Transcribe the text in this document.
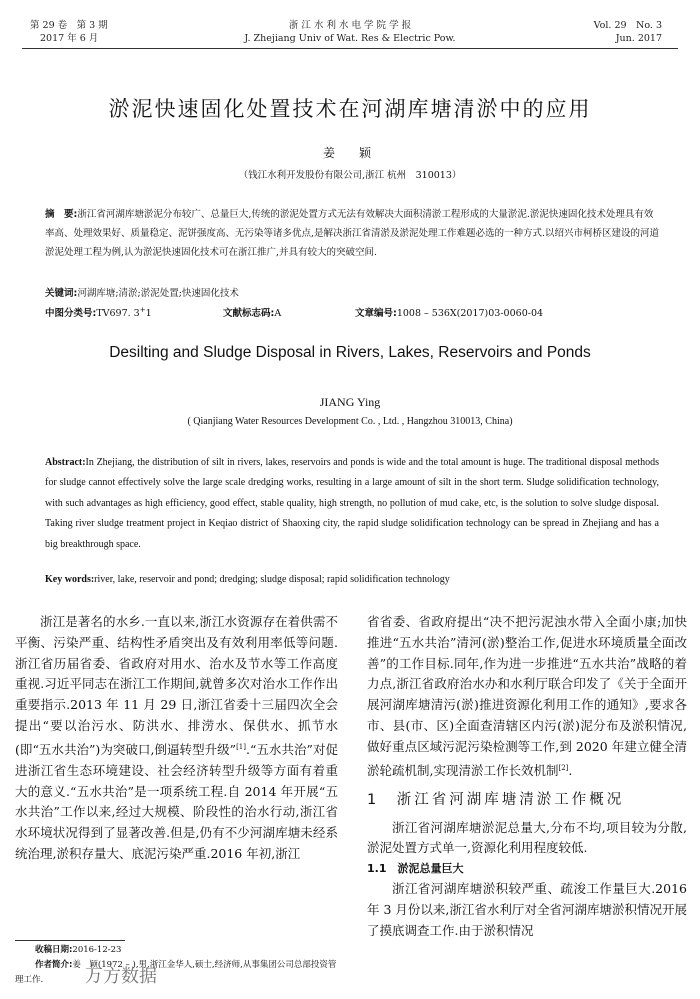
第 29 卷　第 3 期
2017 年 6 月
浙 江 水 利 水 电 学 院 学 报
J. Zhejiang Univ of Wat. Res & Electric Pow.
Vol. 29　No. 3
Jun. 2017
淤泥快速固化处置技术在河湖库塘清淤中的应用
姜　颖
（钱江水利开发股份有限公司,浙江 杭州　310013）
摘　要:浙江省河湖库塘淤泥分布较广、总量巨大,传统的淤泥处置方式无法有效解决大面积清淤工程形成的大量淤泥.淤泥快速固化技术处理具有效率高、处理效果好、质量稳定、泥饼强度高、无污染等诸多优点,是解决浙江省清淤及淤泥处理工作难题必选的一种方式.以绍兴市柯桥区建设的河道淤泥处理工程为例,认为淤泥快速固化技术可在浙江推广,并具有较大的突破空间.
关键词:河湖库塘;清淤;淤泥处置;快速固化技术
中图分类号:TV697. 3+1	文献标志码:A	文章编号:1008 – 536X(2017)03-0060-04
Desilting and Sludge Disposal in Rivers, Lakes, Reservoirs and Ponds
JIANG Ying
( Qianjiang Water Resources Development Co. , Ltd. , Hangzhou 310013, China)
Abstract:In Zhejiang, the distribution of silt in rivers, lakes, reservoirs and ponds is wide and the total amount is huge. The traditional disposal methods for sludge cannot effectively solve the large scale dredging works, resulting in a large amount of silt in the short term. Sludge solidification technology, with such advantages as high efficiency, good effect, stable quality, high strength, no pollution of mud cake, etc, is the solution to solve sludge disposal. Taking river sludge treatment project in Keqiao district of Shaoxing city, the rapid sludge solidification technology can be spread in Zhejiang and has a big breakthrough space.
Key words:river, lake, reservoir and pond; dredging; sludge disposal; rapid solidification technology

浙江是著名的水乡.一直以来,浙江水资源存在着供需不平衡、污染严重、结构性矛盾突出及有效利用率低等问题.浙江省历届省委、省政府对用水、治水及节水等工作高度重视.习近平同志在浙江工作期间,就曾多次对治水工作作出重要指示.2013 年 11 月 29 日,浙江省委十三届四次全会提出“要以治污水、防洪水、排涝水、保供水、抓节水(即“五水共治”)为突破口,倒逼转型升级”[1].“五水共治”对促进浙江省生态环境建设、社会经济转型升级等方面有着重大的意义.“五水共治”是一项系统工程.自 2014 年开展“五水共治”工作以来,经过大规模、阶段性的治水行动,浙江省水环境状况得到了显著改善.但是,仍有不少河湖库塘未经系统治理,淤积存量大、底泥污染严重.2016 年初,浙江

省省委、省政府提出“决不把污泥浊水带入全面小康;加快推进“五水共治”清河(淤)整治工作,促进水环境质量全面改善”的工作目标.同年,作为进一步推进“五水共治”战略的着力点,浙江省政府治水办和水利厅联合印发了《关于全面开展河湖库塘清污(淤)推进资源化利用工作的通知》,要求各市、县(市、区)全面查清辖区内污(淤)泥分布及淤积情况,做好重点区域污泥污染检测等工作,到 2020 年建立健全清淤轮疏机制,实现清淤工作长效机制[2].

1　 浙江省河湖库塘清淤工作概况

浙江省河湖库塘淤泥总量大,分布不均,项目较为分散,淤泥处置方式单一,资源化利用程度较低.

1.1　 淤泥总量巨大

浙江省河湖库塘淤积较严重、疏浚工作量巨大.2016 年 3 月份以来,浙江省水利厅对全省河湖库塘淤积情况开展了摸底调查工作.由于淤积情况

收稿日期:2016-12-23
作者简介:姜　颖(1972 – ),男,浙江金华人,硕士,经济师,从事集团公司总部投资管理工作.	万方数据
